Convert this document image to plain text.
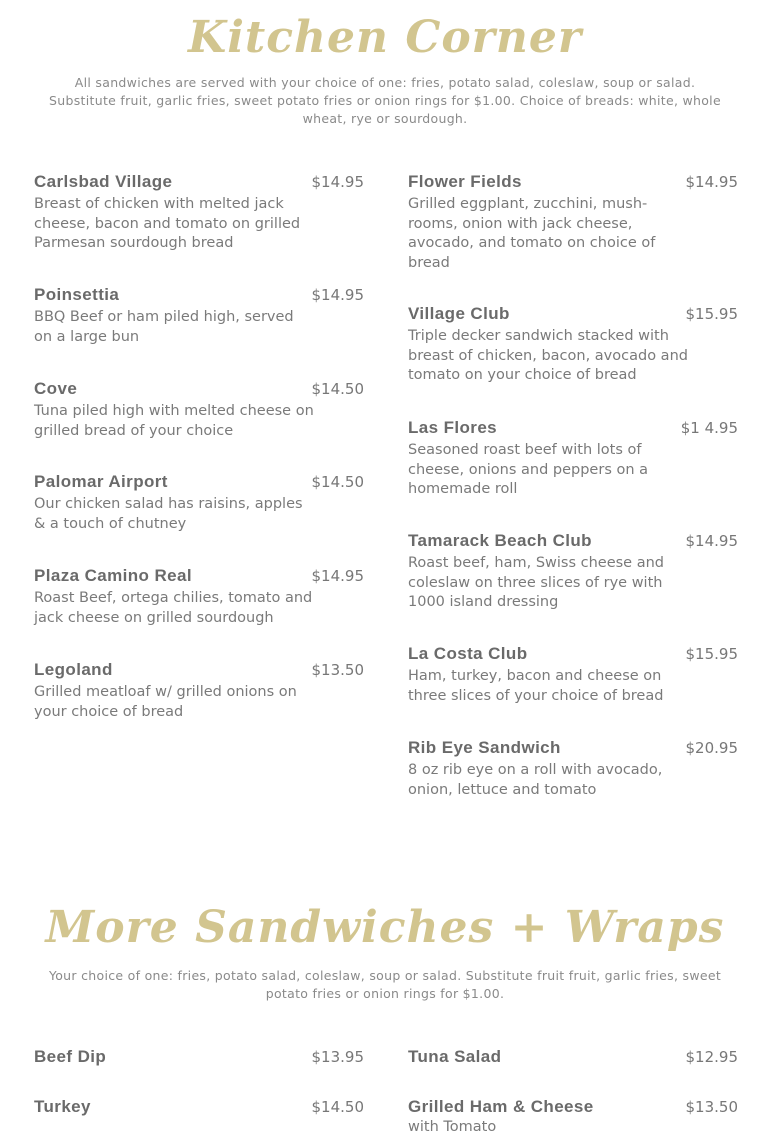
Kitchen Corner

All sandwiches are served with your choice of one: fries, potato salad, coleslaw, soup or salad. Substitute fruit, garlic fries, sweet potato fries or onion rings for $1.00. Choice of breads: white, whole wheat, rye or sourdough.

Carlsbad Village	$14.95
Breast of chicken with melted jack cheese, bacon and tomato on grilled Parmesan sourdough bread
Poinsettia	$14.95
BBQ Beef or ham piled high, served on a large bun
Cove	$14.50
Tuna piled high with melted cheese on grilled bread of your choice
Palomar Airport	$14.50
Our chicken salad has raisins, apples & a touch of chutney
Plaza Camino Real	$14.95
Roast Beef, ortega chilies, tomato and jack cheese on grilled sourdough
Legoland	$13.50
Grilled meatloaf w/ grilled onions on your choice of bread
Flower Fields	$14.95
Grilled eggplant, zucchini, mush-rooms, onion with jack cheese, avocado, and tomato on choice of bread
Village Club	$15.95
Triple decker sandwich stacked with breast of chicken, bacon, avocado and tomato on your choice of bread
Las Flores	$1 4.95
Seasoned roast beef with lots of cheese, onions and peppers on a homemade roll
Tamarack Beach Club	$14.95
Roast beef, ham, Swiss cheese and coleslaw on three slices of rye with 1000 island dressing
La Costa Club	$15.95
Ham, turkey, bacon and cheese on three slices of your choice of bread
Rib Eye Sandwich	$20.95
8 oz rib eye on a roll with avocado, onion, lettuce and tomato
More Sandwiches + Wraps

Your choice of one: fries, potato salad, coleslaw, soup or salad. Substitute fruit fruit, garlic fries, sweet potato fries or onion rings for $1.00.

Beef Dip	$13.95
Turkey	$14.50
Tuna Salad	$12.95
Grilled Ham & Cheese	$13.50
with Tomato
